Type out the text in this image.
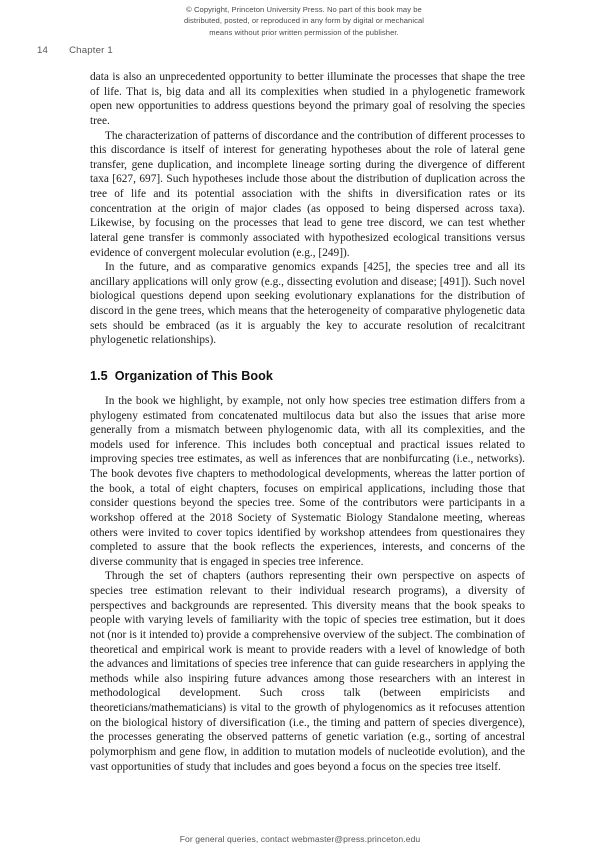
© Copyright, Princeton University Press. No part of this book may be
distributed, posted, or reproduced in any form by digital or mechanical
means without prior written permission of the publisher.
14 Chapter 1

data is also an unprecedented opportunity to better illuminate the processes that shape the tree of life. That is, big data and all its complexities when studied in a phylogenetic framework open new opportunities to address questions beyond the primary goal of resolving the species tree.

The characterization of patterns of discordance and the contribution of different processes to this discordance is itself of interest for generating hypotheses about the role of lateral gene transfer, gene duplication, and incomplete lineage sorting during the divergence of different taxa [627, 697]. Such hypotheses include those about the distribution of duplication across the tree of life and its potential association with the shifts in diversification rates or its concentration at the origin of major clades (as opposed to being dispersed across taxa). Likewise, by focusing on the processes that lead to gene tree discord, we can test whether lateral gene transfer is commonly associated with hypothesized ecological transitions versus evidence of convergent molecular evolution (e.g., [249]).

In the future, and as comparative genomics expands [425], the species tree and all its ancillary applications will only grow (e.g., dissecting evolution and disease; [491]). Such novel biological questions depend upon seeking evolutionary explanations for the distribution of discord in the gene trees, which means that the heterogeneity of comparative phylogenetic data sets should be embraced (as it is arguably the key to accurate resolution of recalcitrant phylogenetic relationships).

1.5 Organization of This Book

In the book we highlight, by example, not only how species tree estimation differs from a phylogeny estimated from concatenated multilocus data but also the issues that arise more generally from a mismatch between phylogenomic data, with all its complexities, and the models used for inference. This includes both conceptual and practical issues related to improving species tree estimates, as well as inferences that are nonbifurcating (i.e., networks). The book devotes five chapters to methodological developments, whereas the latter portion of the book, a total of eight chapters, focuses on empirical applications, including those that consider questions beyond the species tree. Some of the contributors were participants in a workshop offered at the 2018 Society of Systematic Biology Standalone meeting, whereas others were invited to cover topics identified by workshop attendees from questionaires they completed to assure that the book reflects the experiences, interests, and concerns of the diverse community that is engaged in species tree inference.

Through the set of chapters (authors representing their own perspective on aspects of species tree estimation relevant to their individual research programs), a diversity of perspectives and backgrounds are represented. This diversity means that the book speaks to people with varying levels of familiarity with the topic of species tree estimation, but it does not (nor is it intended to) provide a comprehensive overview of the subject. The combination of theoretical and empirical work is meant to provide readers with a level of knowledge of both the advances and limitations of species tree inference that can guide researchers in applying the methods while also inspiring future advances among those researchers with an interest in methodological development. Such cross talk (between empiricists and theoreticians/mathematicians) is vital to the growth of phylogenomics as it refocuses attention on the biological history of diversification (i.e., the timing and pattern of species divergence), the processes generating the observed patterns of genetic variation (e.g., sorting of ancestral polymorphism and gene flow, in addition to mutation models of nucleotide evolution), and the vast opportunities of study that includes and goes beyond a focus on the species tree itself.

For general queries, contact webmaster@press.princeton.edu
